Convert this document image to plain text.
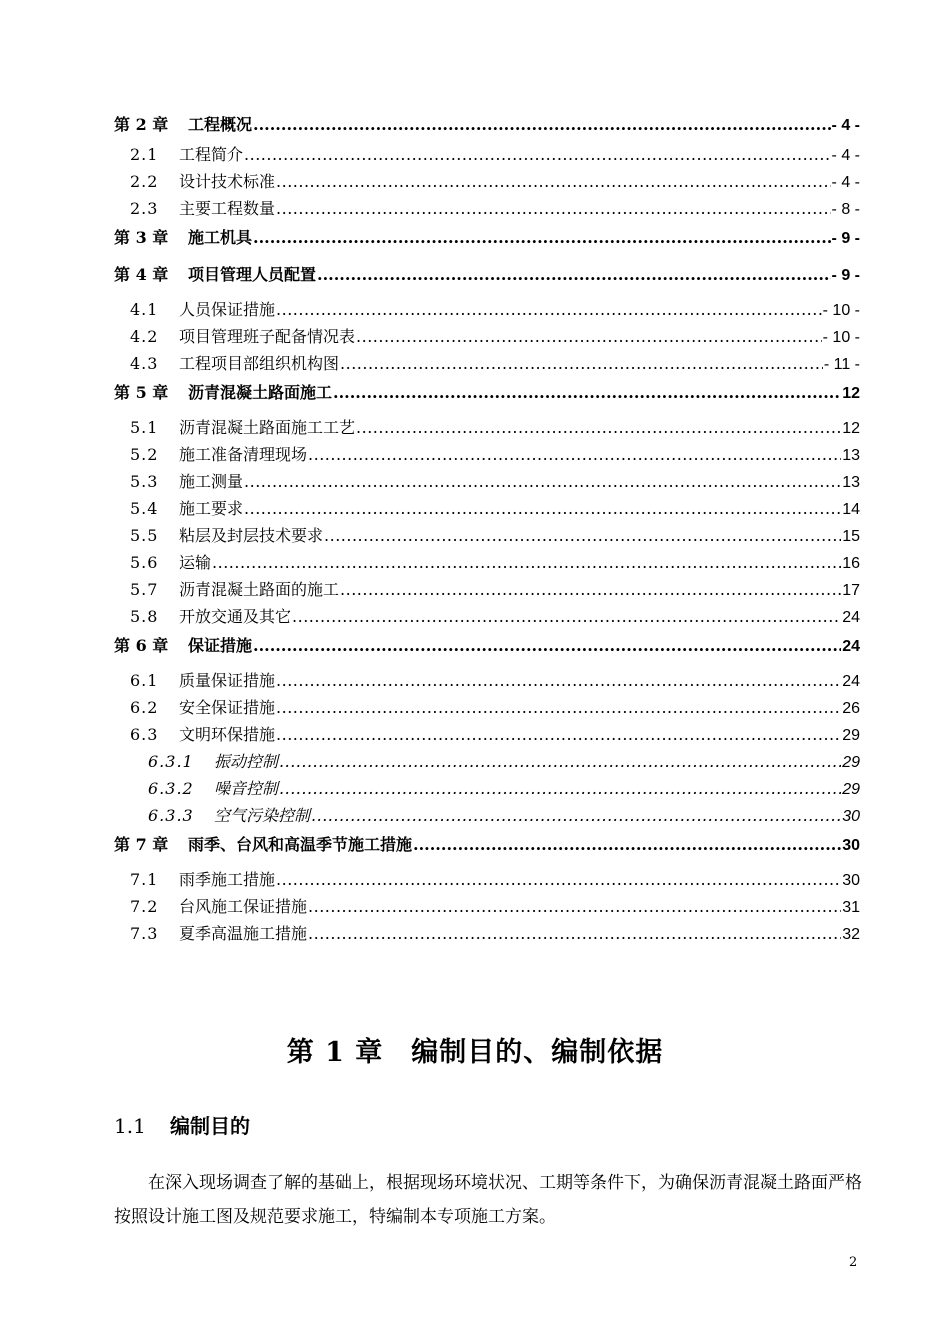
第 2 章	工程概况 .....	- 4 -
2.1	工程简介 .....	- 4 -
2.2	设计技术标准 .....	- 4 -
2.3	主要工程数量 .....	- 8 -
第 3 章	施工机具 .....	- 9 -
第 4 章	项目管理人员配置 .....	- 9 -
4.1	人员保证措施 .....	- 10 -
4.2	项目管理班子配备情况表 .....	- 10 -
4.3	工程项目部组织机构图 .....	- 11 -
第 5 章	沥青混凝土路面施工 .....	12
5.1	沥青混凝土路面施工工艺 .....	12
5.2	施工准备清理现场 .....	13
5.3	施工测量 .....	13
5.4	施工要求 .....	14
5.5	粘层及封层技术要求 .....	15
5.6	运输 .....	16
5.7	沥青混凝土路面的施工 .....	17
5.8	开放交通及其它 .....	24
第 6 章	保证措施 .....	24
6.1	质量保证措施 .....	24
6.2	安全保证措施 .....	26
6.3	文明环保措施 .....	29
6.3.1	振动控制 .....	29
6.3.2	噪音控制 .....	29
6.3.3	空气污染控制 .....	30
第 7 章	雨季、台风和高温季节施工措施 .....	30
7.1	雨季施工措施 .....	30
7.2	台风施工保证措施 .....	31
7.3	夏季高温施工措施 .....	32
第 1 章　编制目的、编制依据
1.1 编制目的
在深入现场调查了解的基础上，根据现场环境状况、工期等条件下，为确保沥青混凝土路面严格按照设计施工图及规范要求施工，特编制本专项施工方案。
2
